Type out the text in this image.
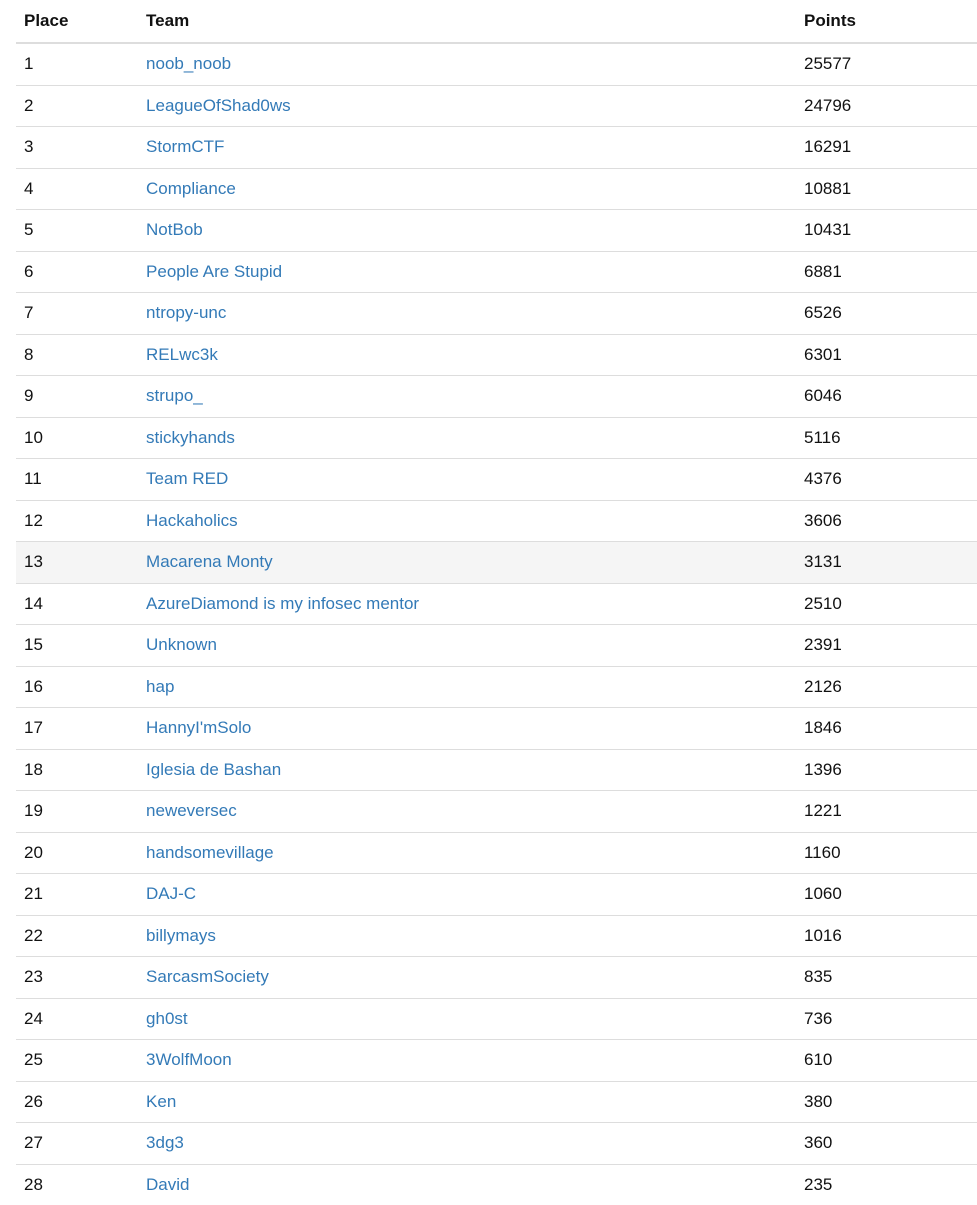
Place	Team	Points
1	noob_noob	25577
2	LeagueOfShad0ws	24796
3	StormCTF	16291
4	Compliance	10881
5	NotBob	10431
6	People Are Stupid	6881
7	ntropy-unc	6526
8	RELwc3k	6301
9	strupo_	6046
10	stickyhands	5116
11	Team RED	4376
12	Hackaholics	3606
13	Macarena Monty	3131
14	AzureDiamond is my infosec mentor	2510
15	Unknown	2391
16	hap	2126
17	HannyI'mSolo	1846
18	Iglesia de Bashan	1396
19	neweversec	1221
20	handsomevillage	1160
21	DAJ-C	1060
22	billymays	1016
23	SarcasmSociety	835
24	gh0st	736
25	3WolfMoon	610
26	Ken	380
27	3dg3	360
28	David	235
